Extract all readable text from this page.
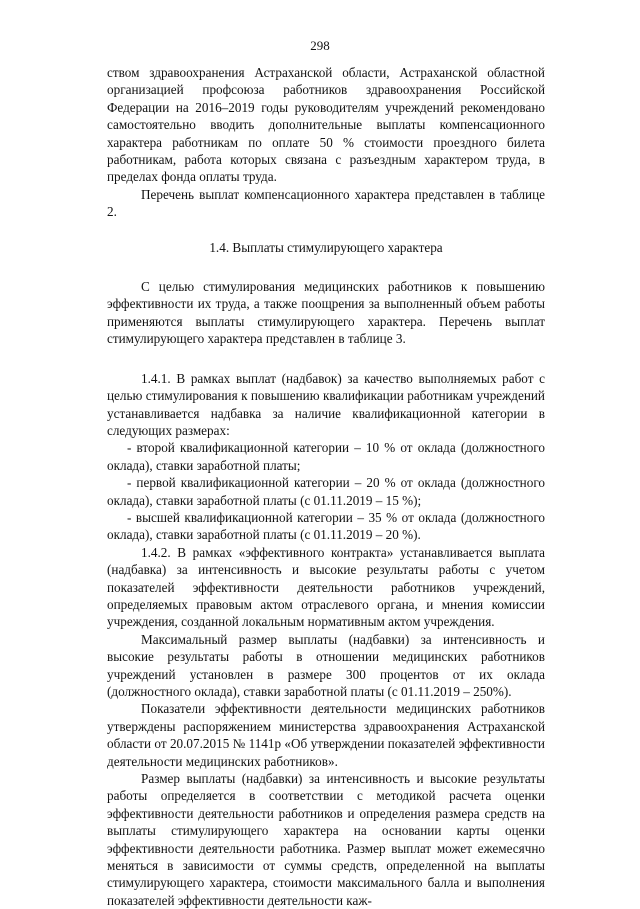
298

ством здравоохранения Астраханской области, Астраханской областной организацией профсоюза работников здравоохранения Российской Федерации на 2016–2019 годы руководителям учреждений рекомендовано самостоятельно вводить дополнительные выплаты компенсационного характера работникам по оплате 50 % стоимости проездного билета работникам, работа которых связана с разъездным характером труда, в пределах фонда оплаты труда.

Перечень выплат компенсационного характера представлен в таблице 2.

1.4. Выплаты стимулирующего характера

С целью стимулирования медицинских работников к повышению эффективности их труда, а также поощрения за выполненный объем работы применяются выплаты стимулирующего характера. Перечень выплат стимулирующего характера представлен в таблице 3.

1.4.1. В рамках выплат (надбавок) за качество выполняемых работ с целью стимулирования к повышению квалификации работникам учреждений устанавливается надбавка за наличие квалификационной категории в следующих размерах:

- второй квалификационной категории – 10 % от оклада (должностного оклада), ставки заработной платы;

- первой квалификационной категории – 20 % от оклада (должностного оклада), ставки заработной платы (с 01.11.2019 – 15 %);

- высшей квалификационной категории – 35 % от оклада (должностного оклада), ставки заработной платы (с 01.11.2019 – 20 %).

1.4.2. В рамках «эффективного контракта» устанавливается выплата (надбавка) за интенсивность и высокие результаты работы с учетом показателей эффективности деятельности работников учреждений, определяемых правовым актом отраслевого органа, и мнения комиссии учреждения, созданной локальным нормативным актом учреждения.

Максимальный размер выплаты (надбавки) за интенсивность и высокие результаты работы в отношении медицинских работников учреждений установлен в размере 300 процентов от их оклада (должностного оклада), ставки заработной платы (с 01.11.2019 – 250%).

Показатели эффективности деятельности медицинских работников утверждены распоряжением министерства здравоохранения Астраханской области от 20.07.2015 № 1141р «Об утверждении показателей эффективности деятельности медицинских работников».

Размер выплаты (надбавки) за интенсивность и высокие результаты работы определяется в соответствии с методикой расчета оценки эффективности деятельности работников и определения размера средств на выплаты стимулирующего характера на основании карты оценки эффективности деятельности работника. Размер выплат может ежемесячно меняться в зависимости от суммы средств, определенной на выплаты стимулирующего характера, стоимости максимального балла и выполнения показателей эффективности деятельности каж-
